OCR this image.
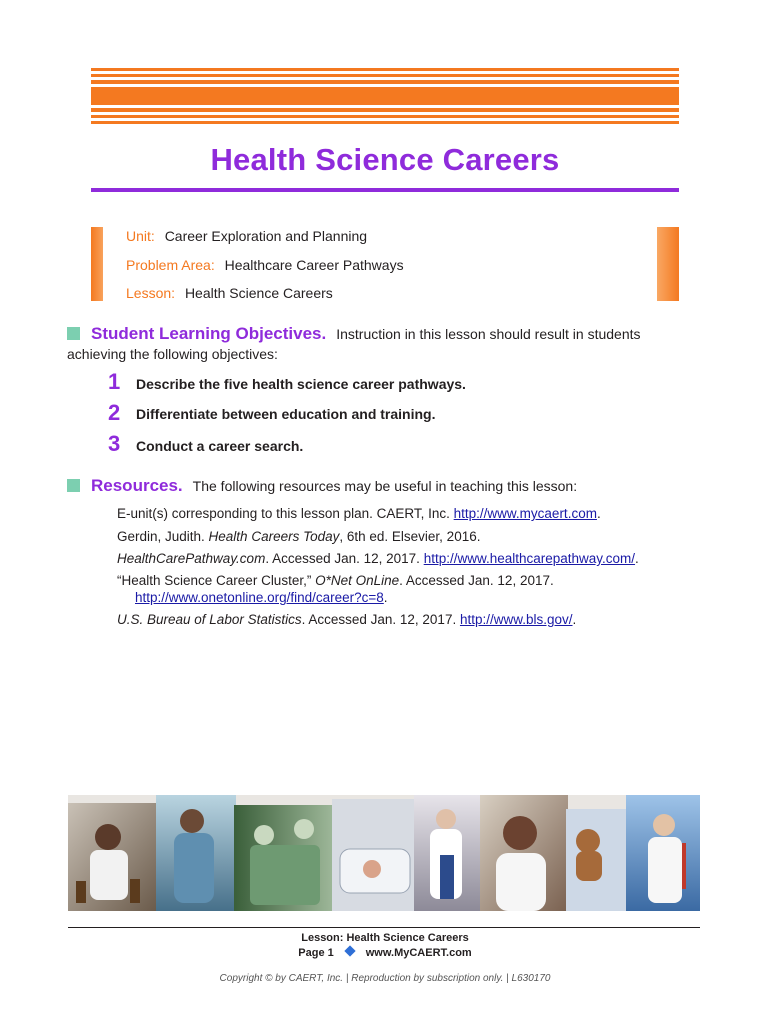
Health Science Careers
Unit: Career Exploration and Planning
Problem Area: Healthcare Career Pathways
Lesson: Health Science Careers
Student Learning Objectives. Instruction in this lesson should result in students
achieving the following objectives:
1	Describe the five health science career pathways.
2	Differentiate between education and training.
3	Conduct a career search.
Resources. The following resources may be useful in teaching this lesson:
E-unit(s) corresponding to this lesson plan. CAERT, Inc. http://www.mycaert.com.
Gerdin, Judith. Health Careers Today, 6th ed. Elsevier, 2016.
HealthCarePathway.com. Accessed Jan. 12, 2017. http://www.healthcarepathway.com/.
“Health Science Career Cluster,” O*Net OnLine. Accessed Jan. 12, 2017.
http://www.onetonline.org/find/career?c=8.
U.S. Bureau of Labor Statistics. Accessed Jan. 12, 2017. http://www.bls.gov/.
Lesson: Health Science Careers
Page 1	www.MyCAERT.com
Copyright © by CAERT, Inc. | Reproduction by subscription only. | L630170
